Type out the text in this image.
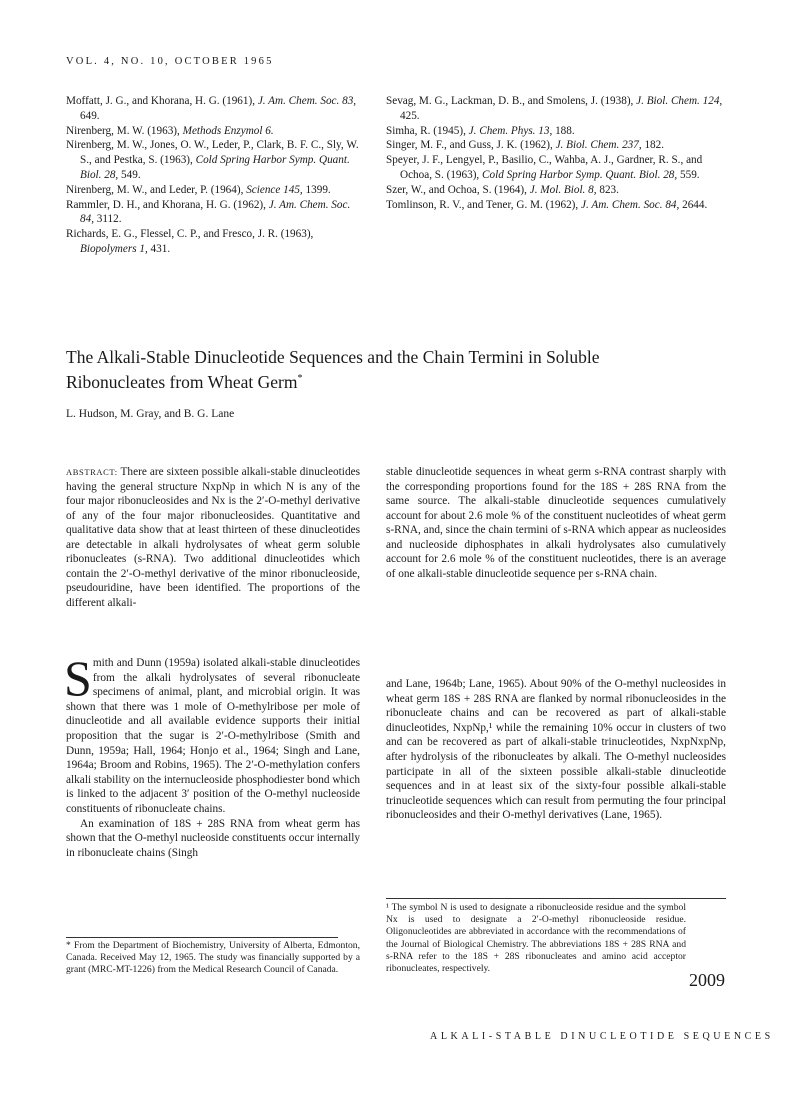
VOL. 4, NO. 10, OCTOBER 1965

Moffatt, J. G., and Khorana, H. G. (1961), J. Am. Chem. Soc. 83, 649.

Nirenberg, M. W. (1963), Methods Enzymol 6.

Nirenberg, M. W., Jones, O. W., Leder, P., Clark, B. F. C., Sly, W. S., and Pestka, S. (1963), Cold Spring Harbor Symp. Quant. Biol. 28, 549.

Nirenberg, M. W., and Leder, P. (1964), Science 145, 1399.

Rammler, D. H., and Khorana, H. G. (1962), J. Am. Chem. Soc. 84, 3112.

Richards, E. G., Flessel, C. P., and Fresco, J. R. (1963), Biopolymers 1, 431.

Sevag, M. G., Lackman, D. B., and Smolens, J. (1938), J. Biol. Chem. 124, 425.

Simha, R. (1945), J. Chem. Phys. 13, 188.

Singer, M. F., and Guss, J. K. (1962), J. Biol. Chem. 237, 182.

Speyer, J. F., Lengyel, P., Basilio, C., Wahba, A. J., Gardner, R. S., and Ochoa, S. (1963), Cold Spring Harbor Symp. Quant. Biol. 28, 559.

Szer, W., and Ochoa, S. (1964), J. Mol. Biol. 8, 823.

Tomlinson, R. V., and Tener, G. M. (1962), J. Am. Chem. Soc. 84, 2644.

The Alkali-Stable Dinucleotide Sequences and the Chain Termini in Soluble Ribonucleates from Wheat Germ*
L. Hudson, M. Gray, and B. G. Lane
ABSTRACT: There are sixteen possible alkali-stable dinucleotides having the general structure NxpNp in which N is any of the four major ribonucleosides and Nx is the 2′-O-methyl derivative of any of the four major ribonucleosides. Quantitative and qualitative data show that at least thirteen of these dinucleotides are detectable in alkali hydrolysates of wheat germ soluble ribonucleates (s-RNA). Two additional dinucleotides which contain the 2′-O-methyl derivative of the minor ribonucleoside, pseudouridine, have been identified. The proportions of the different alkali-
stable dinucleotide sequences in wheat germ s-RNA contrast sharply with the corresponding proportions found for the 18S + 28S RNA from the same source. The alkali-stable dinucleotide sequences cumulatively account for about 2.6 mole % of the constituent nucleotides of wheat germ s-RNA, and, since the chain termini of s-RNA which appear as nucleosides and nucleoside diphosphates in alkali hydrolysates also cumulatively account for 2.6 mole % of the constituent nucleotides, there is an average of one alkali-stable dinucleotide sequence per s-RNA chain.

Smith and Dunn (1959a) isolated alkali-stable dinucleotides from the alkali hydrolysates of several ribonucleate specimens of animal, plant, and microbial origin. It was shown that there was 1 mole of O-methylribose per mole of dinucleotide and all available evidence supports their initial proposition that the sugar is 2′-O-methylribose (Smith and Dunn, 1959a; Hall, 1964; Honjo et al., 1964; Singh and Lane, 1964a; Broom and Robins, 1965). The 2′-O-methylation confers alkali stability on the internucleoside phosphodiester bond which is linked to the adjacent 3′ position of the O-methyl nucleoside constituents of ribonucleate chains.

An examination of 18S + 28S RNA from wheat germ has shown that the O-methyl nucleoside constituents occur internally in ribonucleate chains (Singh

and Lane, 1964b; Lane, 1965). About 90% of the O-methyl nucleosides in wheat germ 18S + 28S RNA are flanked by normal ribonucleosides in the ribonucleate chains and can be recovered as part of alkali-stable dinucleotides, NxpNp,¹ while the remaining 10% occur in clusters of two and can be recovered as part of alkali-stable trinucleotides, NxpNxpNp, after hydrolysis of the ribonucleates by alkali. The O-methyl nucleosides participate in all of the sixteen possible alkali-stable dinucleotide sequences and in at least six of the sixty-four possible alkali-stable trinucleotide sequences which can result from permuting the four principal ribonucleosides and their O-methyl derivatives (Lane, 1965).

* From the Department of Biochemistry, University of Alberta, Edmonton, Canada. Received May 12, 1965. The study was financially supported by a grant (MRC-MT-1226) from the Medical Research Council of Canada.
¹ The symbol N is used to designate a ribonucleoside residue and the symbol Nx is used to designate a 2′-O-methyl ribonucleoside residue. Oligonucleotides are abbreviated in accordance with the recommendations of the Journal of Biological Chemistry. The abbreviations 18S + 28S RNA and s-RNA refer to the 18S + 28S ribonucleates and amino acid acceptor ribonucleates, respectively.
2009
ALKALI-STABLE DINUCLEOTIDE SEQUENCES
